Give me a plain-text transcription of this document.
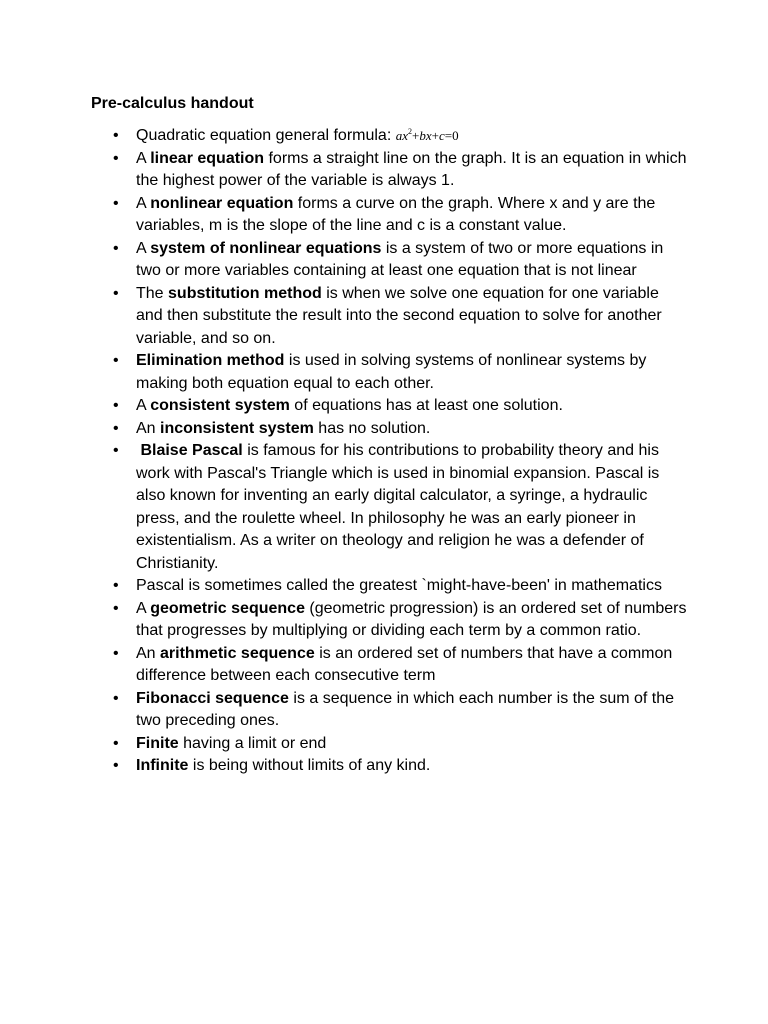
Pre-calculus handout
• Quadratic equation general formula: $ax^2+bx+c=0$
• A linear equation forms a straight line on the graph. It is an equation in which the highest power of the variable is always 1.
• A nonlinear equation forms a curve on the graph. Where x and y are the variables, m is the slope of the line and c is a constant value.
• A system of nonlinear equations is a system of two or more equations in two or more variables containing at least one equation that is not linear
• The substitution method is when we solve one equation for one variable and then substitute the result into the second equation to solve for another variable, and so on.
• Elimination method is used in solving systems of nonlinear systems by making both equation equal to each other.
• A consistent system of equations has at least one solution.
• An inconsistent system has no solution.
• Blaise Pascal is famous for his contributions to probability theory and his work with Pascal's Triangle which is used in binomial expansion. Pascal is also known for inventing an early digital calculator, a syringe, a hydraulic press, and the roulette wheel. In philosophy he was an early pioneer in existentialism. As a writer on theology and religion he was a defender of Christianity.
• Pascal is sometimes called the greatest `might-have-been' in mathematics
• A geometric sequence (geometric progression) is an ordered set of numbers that progresses by multiplying or dividing each term by a common ratio.
• An arithmetic sequence is an ordered set of numbers that have a common difference between each consecutive term
• Fibonacci sequence is a sequence in which each number is the sum of the two preceding ones.
• Finite having a limit or end
• Infinite is being without limits of any kind.
